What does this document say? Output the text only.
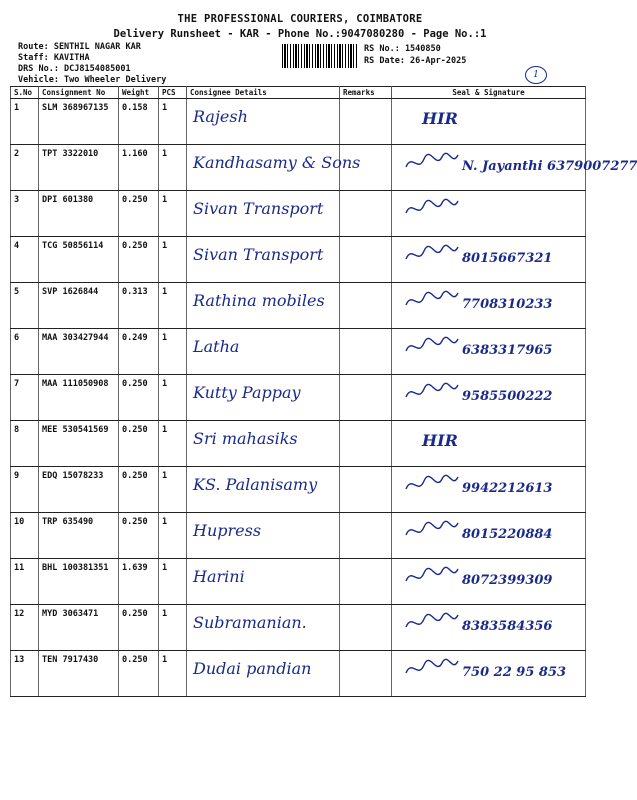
THE PROFESSIONAL COURIERS, COIMBATORE
Delivery Runsheet - KAR - Phone No.:9047080280 - Page No.:1
Route: SENTHIL NAGAR KAR
Staff: KAVITHA
DRS No.: DCJ8154085001
Vehicle: Two Wheeler Delivery
RS No.: 1540850
RS Date: 26-Apr-2025
1
S.No	Consignment No	Weight	PCS	Consignee Details	Remarks	Seal & Signature
1	SLM 368967135	0.158	1	Rajesh		HIR

2	TPT 3322010	1.160	1	Kandhasamy & Sons		N. Jayanthi 6379007277

3	DPI 601380	0.250	1	Sivan Transport		

4	TCG 50856114	0.250	1	Sivan Transport		8015667321

5	SVP 1626844	0.313	1	Rathina mobiles		7708310233

6	MAA 303427944	0.249	1	Latha		6383317965

7	MAA 111050908	0.250	1	Kutty Pappay		9585500222

8	MEE 530541569	0.250	1	Sri mahasiks		HIR

9	EDQ 15078233	0.250	1	KS. Palanisamy		9942212613

10	TRP 635490	0.250	1	Hupress		8015220884

11	BHL 100381351	1.639	1	Harini		8072399309

12	MYD 3063471	0.250	1	Subramanian.		8383584356

13	TEN 7917430	0.250	1	Dudai pandian		750 22 95 853
